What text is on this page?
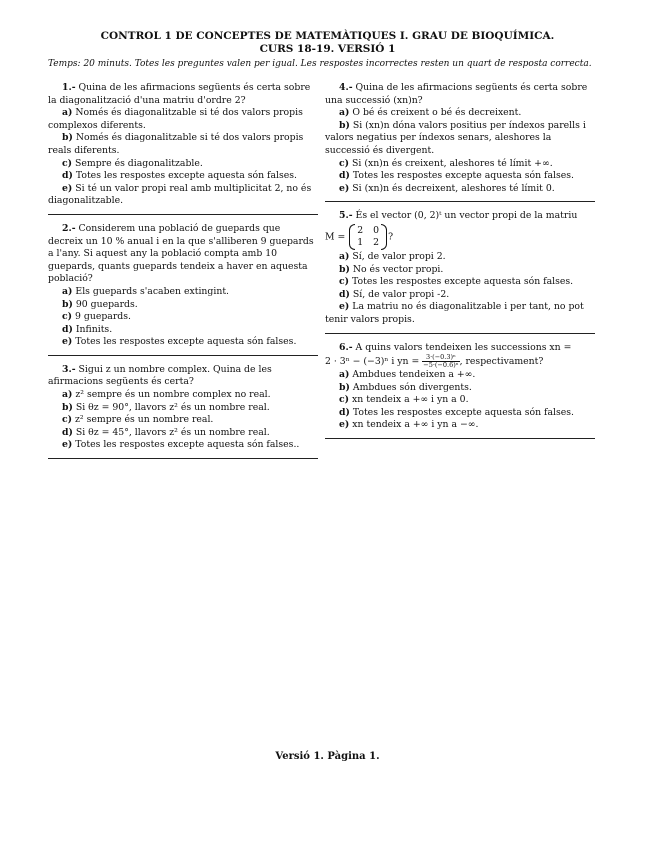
CONTROL 1 DE CONCEPTES DE MATEMÀTIQUES I. GRAU DE BIOQUÍMICA.
CURS 18-19. VERSIÓ 1
Temps: 20 minuts. Totes les preguntes valen per igual. Les respostes incorrectes resten un quart de resposta correcta.

1.- Quina de les afirmacions següents és certa sobre la diagonalització d'una matriu d'ordre 2?

a) Només és diagonalitzable si té dos valors propis complexos diferents.

b) Només és diagonalitzable si té dos valors propis reals diferents.

c) Sempre és diagonalitzable.

d) Totes les respostes excepte aquesta són falses.

e) Si té un valor propi real amb multiplicitat 2, no és diagonalitzable.

2.- Considerem una població de guepards que decreix un 10 % anual i en la que s'alliberen 9 guepards a l'any. Si aquest any la població compta amb 10 guepards, quants guepards tendeix a haver en aquesta població?

a) Els guepards s'acaben extingint.

b) 90 guepards.

c) 9 guepards.

d) Infinits.

e) Totes les respostes excepte aquesta són falses.

3.- Sigui z un nombre complex. Quina de les afirmacions següents és certa?

a) z² sempre és un nombre complex no real.

b) Si θz = 90°, llavors z² és un nombre real.

c) z² sempre és un nombre real.

d) Si θz = 45°, llavors z² és un nombre real.

e) Totes les respostes excepte aquesta són falses..

4.- Quina de les afirmacions següents és certa sobre una successió (xn)n?

a) O bé és creixent o bé és decreixent.

b) Si (xn)n dóna valors positius per índexos parells i valors negatius per índexos senars, aleshores la successió és divergent.

c) Si (xn)n és creixent, aleshores té límit +∞.

d) Totes les respostes excepte aquesta són falses.

e) Si (xn)n és decreixent, aleshores té límit 0.

5.- És el vector (0, 2)ᵗ un vector propi de la matriu

M =
2 0
1 2 ?

a) Sí, de valor propi 2.

b) No és vector propi.

c) Totes les respostes excepte aquesta són falses.

d) Sí, de valor propi -2.

e) La matriu no és diagonalitzable i per tant, no pot tenir valors propis.

6.- A quins valors tendeixen les successions xn =

2 · 3ⁿ − (−3)ⁿ i yn = $\frac{\text{3·(−0.3)ⁿ}}{\text{−5·(−0.6)ⁿ}}$ , respectivament?

a) Ambdues tendeixen a +∞.

b) Ambdues són divergents.

c) xn tendeix a +∞ i yn a 0.

d) Totes les respostes excepte aquesta són falses.

e) xn tendeix a +∞ i yn a −∞.

Versió 1. Pàgina 1.
